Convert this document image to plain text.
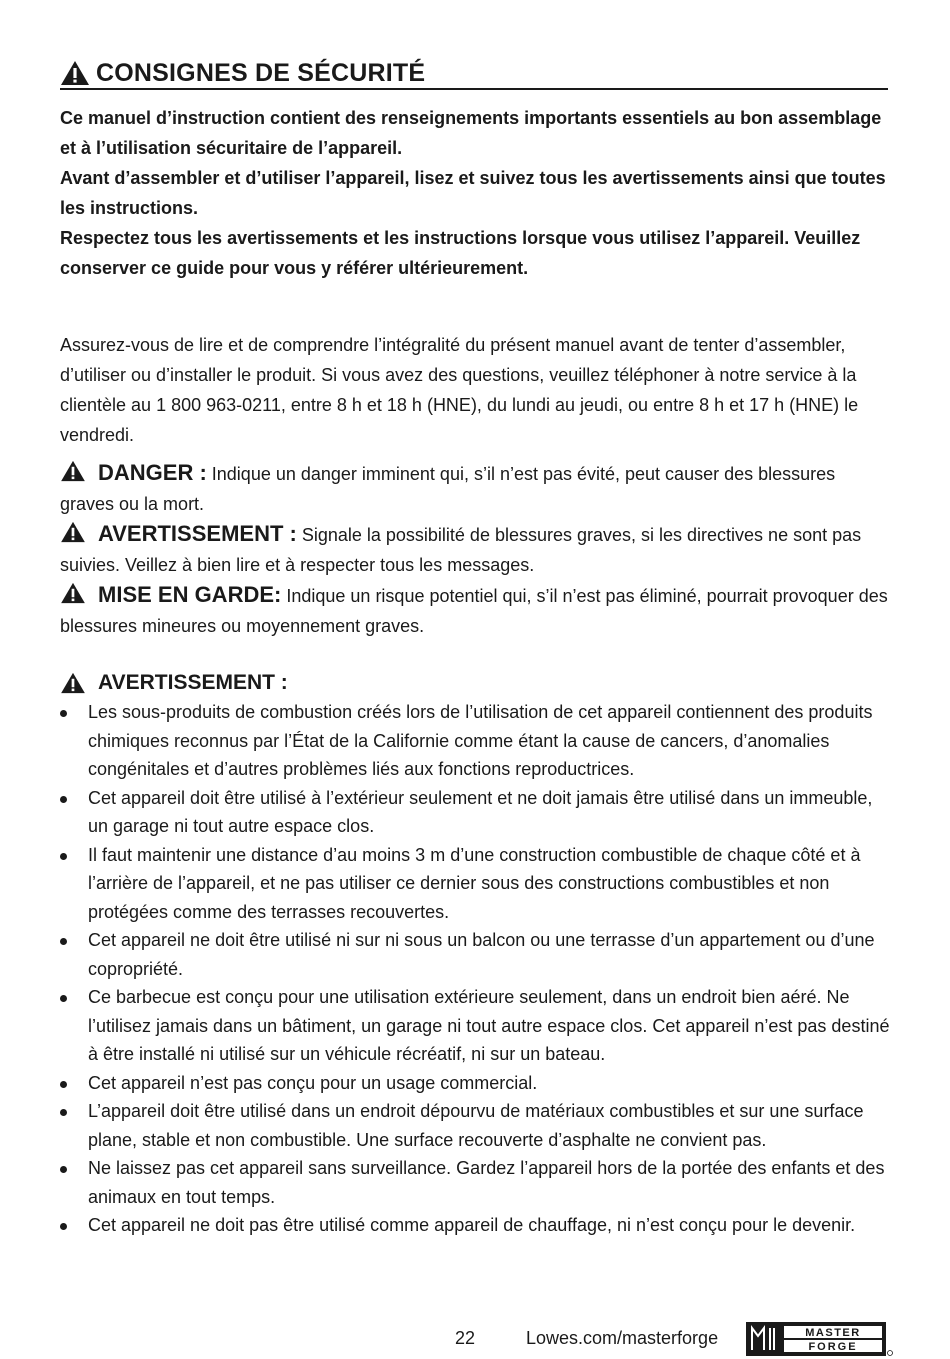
CONSIGNES DE SÉCURITÉ

Ce manuel d’instruction contient des renseignements importants essentiels au bon assemblage et à l’utilisation sécuritaire de l’appareil.

Avant d’assembler et d’utiliser l’appareil, lisez et suivez tous les avertissements ainsi que toutes les instructions.

Respectez tous les avertissements et les instructions lorsque vous utilisez l’appareil. Veuillez conserver ce guide pour vous y référer ultérieurement.

Assurez-vous de lire et de comprendre l’intégralité du présent manuel avant de tenter d’assembler, d’utiliser ou d’installer le produit. Si vous avez des questions, veuillez téléphoner à notre service à la clientèle au 1 800 963-0211, entre 8 h et 18 h (HNE), du lundi au jeudi, ou entre 8 h et 17 h (HNE) le vendredi.

DANGER : Indique un danger imminent qui, s’il n’est pas évité, peut causer des blessures graves ou la mort.

AVERTISSEMENT : Signale la possibilité de blessures graves, si les directives ne sont pas suivies. Veillez à bien lire et à respecter tous les messages.

MISE EN GARDE: Indique un risque potentiel qui, s’il n’est pas éliminé, pourrait provoquer des blessures mineures ou moyennement graves.

AVERTISSEMENT :
Les sous-produits de combustion créés lors de l’utilisation de cet appareil contiennent des produits chimiques reconnus par l’État de la Californie comme étant la cause de cancers, d’anomalies congénitales et d’autres problèmes liés aux fonctions reproductrices.
Cet appareil doit être utilisé à l’extérieur seulement et ne doit jamais être utilisé dans un immeuble, un garage ni tout autre espace clos.
Il faut maintenir une distance d’au moins 3 m d’une construction combustible de chaque côté et à l’arrière de l’appareil, et ne pas utiliser ce dernier sous des constructions combustibles et non protégées comme des terrasses recouvertes.
Cet appareil ne doit être utilisé ni sur ni sous un balcon ou une terrasse d’un appartement ou d’une copropriété.
Ce barbecue est conçu pour une utilisation extérieure seulement, dans un endroit bien aéré. Ne l’utilisez jamais dans un bâtiment, un garage ni tout autre espace clos. Cet appareil n’est pas destiné à être installé ni utilisé sur un véhicule récréatif, ni sur un bateau.
Cet appareil n’est pas conçu pour un usage commercial.
L’appareil doit être utilisé dans un endroit dépourvu de matériaux combustibles et sur une surface plane, stable et non combustible. Une surface recouverte d’asphalte ne convient pas.
Ne laissez pas cet appareil sans surveillance. Gardez l’appareil hors de la portée des enfants et des animaux en tout temps.
Cet appareil ne doit pas être utilisé comme appareil de chauffage, ni n’est conçu pour le devenir.
22	Lowes.com/masterforge	MASTER
FORGE
